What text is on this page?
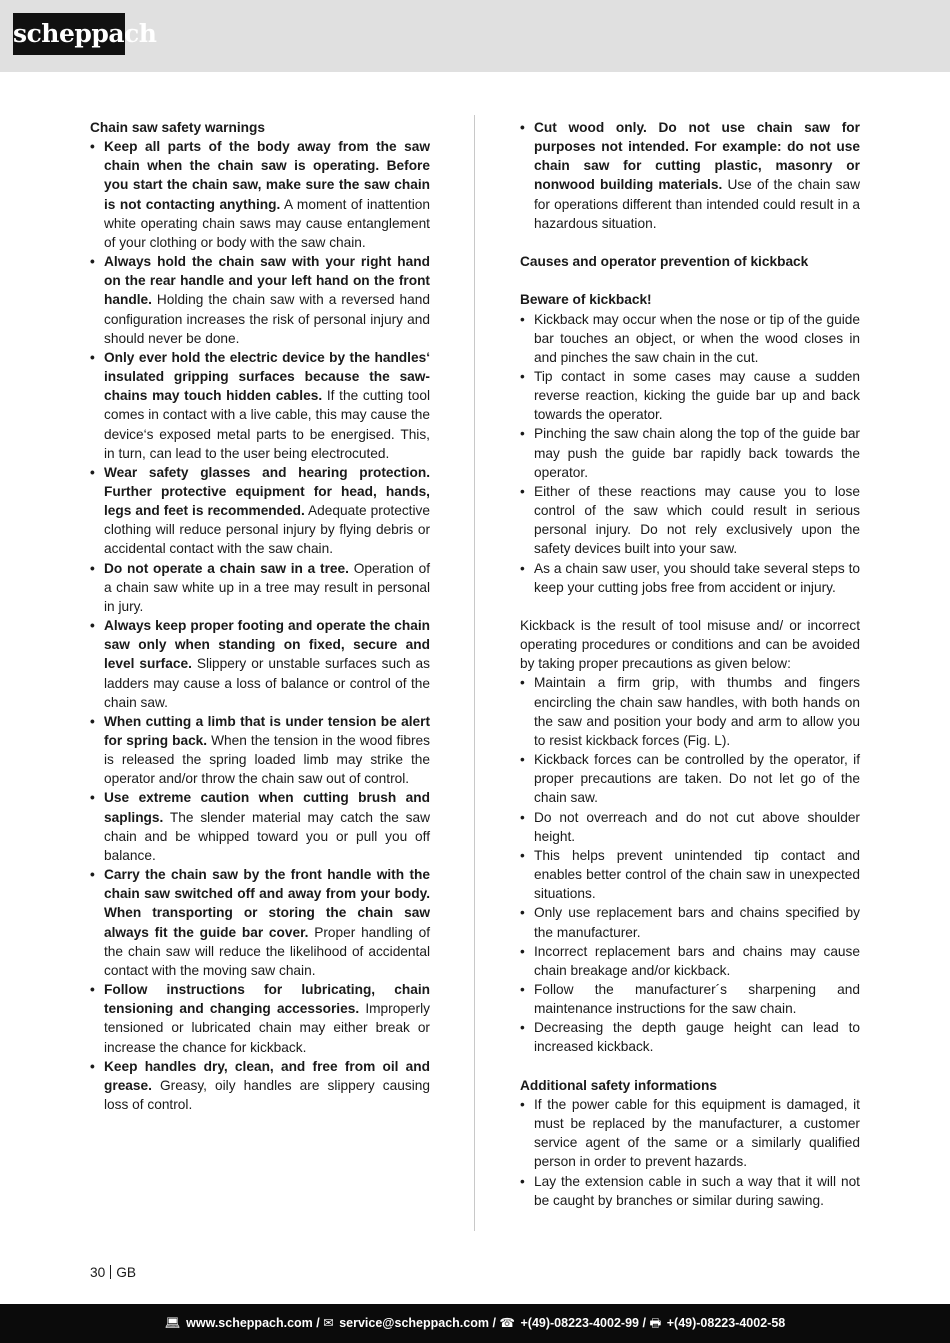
scheppach
Chain saw safety warnings
• Keep all parts of the body away from the saw chain when the chain saw is operating. Before you start the chain saw, make sure the saw chain is not contacting anything. A moment of inattention white operating chain saws may cause entanglement of your clothing or body with the saw chain.
• Always hold the chain saw with your right hand on the rear handle and your left hand on the front handle. Holding the chain saw with a reversed hand configuration increases the risk of personal injury and should never be done.
• Only ever hold the electric device by the handles‘ insulated gripping surfaces because the saw-chains may touch hidden cables. If the cutting tool comes in contact with a live cable, this may cause the device‘s exposed metal parts to be energised. This, in turn, can lead to the user being electrocuted.
• Wear safety glasses and hearing protection. Further protective equipment for head, hands, legs and feet is recommended. Adequate protective clothing will reduce personal injury by flying debris or accidental contact with the saw chain.
• Do not operate a chain saw in a tree. Operation of a chain saw white up in a tree may result in personal in jury.
• Always keep proper footing and operate the chain saw only when standing on fixed, secure and level surface. Slippery or unstable surfaces such as ladders may cause a loss of balance or control of the chain saw.
• When cutting a limb that is under tension be alert for spring back. When the tension in the wood fibres is released the spring loaded limb may strike the operator and/or throw the chain saw out of control.
• Use extreme caution when cutting brush and saplings. The slender material may catch the saw chain and be whipped toward you or pull you off balance.
• Carry the chain saw by the front handle with the chain saw switched off and away from your body. When transporting or storing the chain saw always fit the guide bar cover. Proper handling of the chain saw will reduce the likelihood of accidental contact with the moving saw chain.
• Follow instructions for lubricating, chain tensioning and changing accessories. Improperly tensioned or lubricated chain may either break or increase the chance for kickback.
• Keep handles dry, clean, and free from oil and grease. Greasy, oily handles are slippery causing loss of control.
• Cut wood only. Do not use chain saw for purposes not intended. For example: do not use chain saw for cutting plastic, masonry or nonwood building materials. Use of the chain saw for operations different than intended could result in a hazardous situation.
Causes and operator prevention of kickback
Beware of kickback!
• Kickback may occur when the nose or tip of the guide bar touches an object, or when the wood closes in and pinches the saw chain in the cut.
• Tip contact in some cases may cause a sudden reverse reaction, kicking the guide bar up and back towards the operator.
• Pinching the saw chain along the top of the guide bar may push the guide bar rapidly back towards the operator.
• Either of these reactions may cause you to lose control of the saw which could result in serious personal injury. Do not rely exclusively upon the safety devices built into your saw.
• As a chain saw user, you should take several steps to keep your cutting jobs free from accident or injury.
Kickback is the result of tool misuse and/ or incorrect operating procedures or conditions and can be avoided by taking proper precautions as given below:
• Maintain a firm grip, with thumbs and fingers encircling the chain saw handles, with both hands on the saw and position your body and arm to allow you to resist kickback forces (Fig. L).
• Kickback forces can be controlled by the operator, if proper precautions are taken. Do not let go of the chain saw.
• Do not overreach and do not cut above shoulder height.
• This helps prevent unintended tip contact and enables better control of the chain saw in unexpected situations.
• Only use replacement bars and chains specified by the manufacturer.
• Incorrect replacement bars and chains may cause chain breakage and/or kickback.
• Follow the manufacturer´s sharpening and maintenance instructions for the saw chain.
• Decreasing the depth gauge height can lead to increased kickback.
Additional safety informations
• If the power cable for this equipment is damaged, it must be replaced by the manufacturer, a customer service agent of the same or a similarly qualified person in order to prevent hazards.
• Lay the extension cable in such a way that it will not be caught by branches or similar during sawing.
30 GB
💻︎ www.scheppach.com / ✉︎ service@scheppach.com / ☎︎ +(49)-08223-4002-99 / 🖶︎ +(49)-08223-4002-58
